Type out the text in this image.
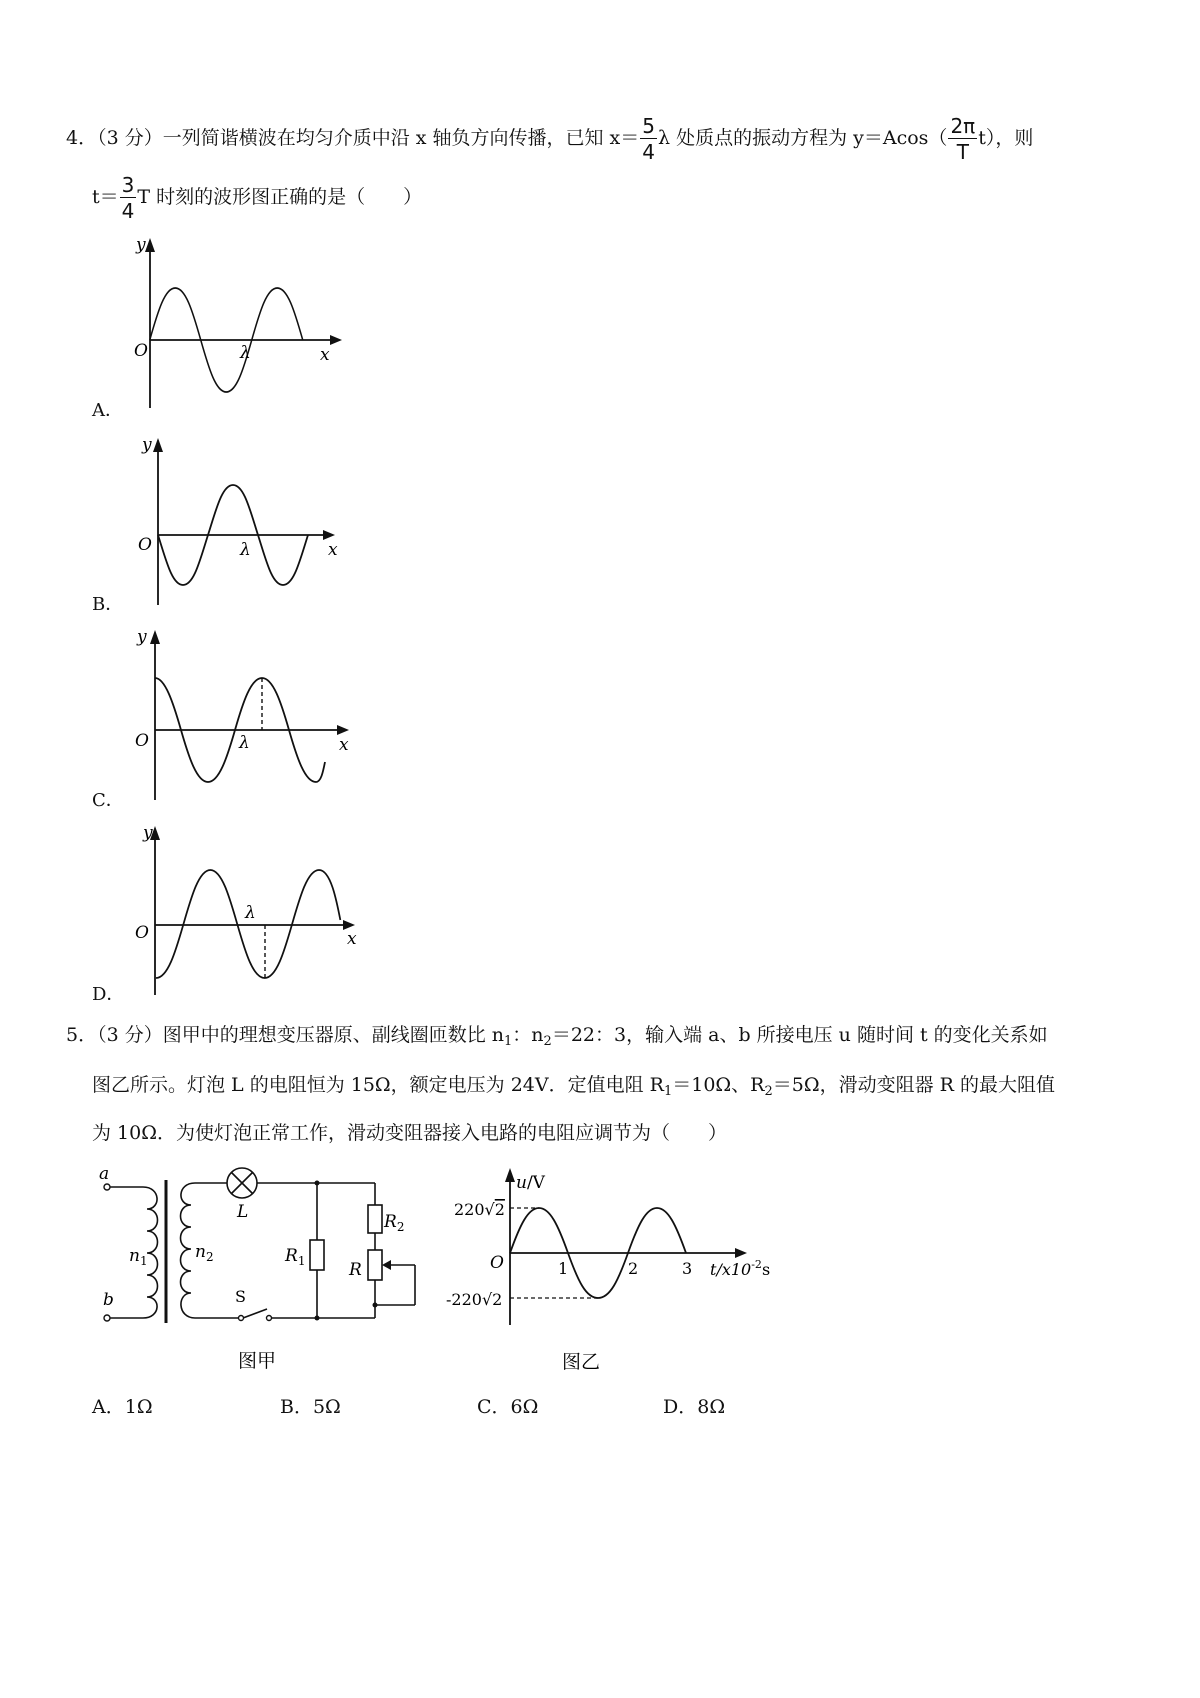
4．（3 分）一列简谐横波在均匀介质中沿 x 轴负方向传播，已知 $x= \frac{5}{4}$ λ 处质点的振动方程为 $y=Acos( \frac{2\pi}{T} t)$，则
$t= \frac{3}{4}$ T 时刻的波形图正确的是（　　）
A．
y
O	λ	x
B．
y
O	λ	x
C．
y
O	λ	x
D．
y
O
λ
x
5．（3 分）图甲中的理想变压器原、副线圈匝数比 $n_1$：$n_2=22$：3，输入端 a、b 所接电压 u 随时间 t 的变化关系如
图乙所示。灯泡 L 的电阻恒为 15Ω，额定电压为 24V．定值电阻 $R_1=10\Omega$、$R_2=5\Omega$，滑动变阻器 R 的最大阻值
为 10Ω．为使灯泡正常工作，滑动变阻器接入电路的电阻应调节为（　　）
a
b
$n_1$	$n_2$
L
$R_1$
$R_2$
R
S
图甲
u/V
220√2
-220√2
O	1	2	3 $t/x10^{-2}s$
图乙
A．1Ω	B．5Ω	C．6Ω	D．8Ω
